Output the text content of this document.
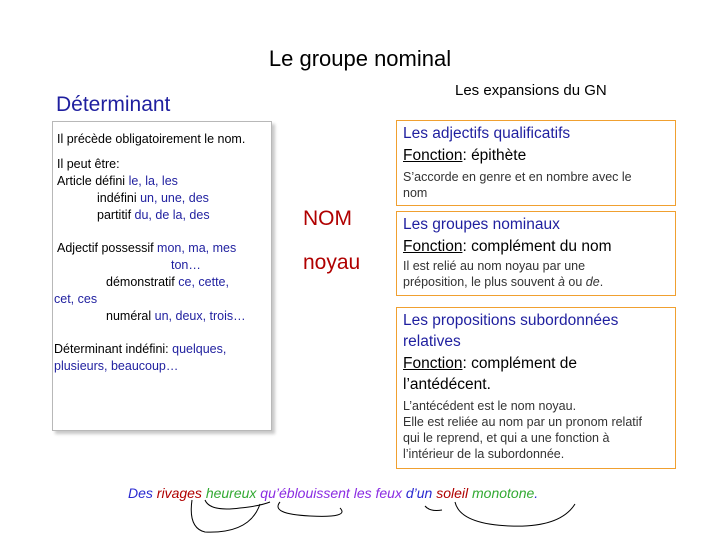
Le groupe nominal
Les expansions du GN
Déterminant
Il précède obligatoirement le nom.
Il peut être:
Article défini le, la, les
indéfini un, une, des
partitif du, de la, des
Adjectif possessif mon, ma, mes
ton…
démonstratif ce, cette,
cet, ces
numéral un, deux, trois…
Déterminant indéfini: quelques,
plusieurs, beaucoup…
NOM
noyau
Les adjectifs qualificatifs
Fonction: épithète
S’accorde en genre et en nombre avec le
nom
Les groupes nominaux
Fonction: complément du nom
Il est relié au nom noyau par une
préposition, le plus souvent à ou de.
Les propositions subordonnées
relatives
Fonction: complément de
l’antédécent.
L’antécédent est le nom noyau.
Elle est reliée au nom par un pronom relatif
qui le reprend, et qui a une fonction à
l’intérieur de la subordonnée.
Des rivages heureux qu’éblouissent les feux d’un soleil monotone.
